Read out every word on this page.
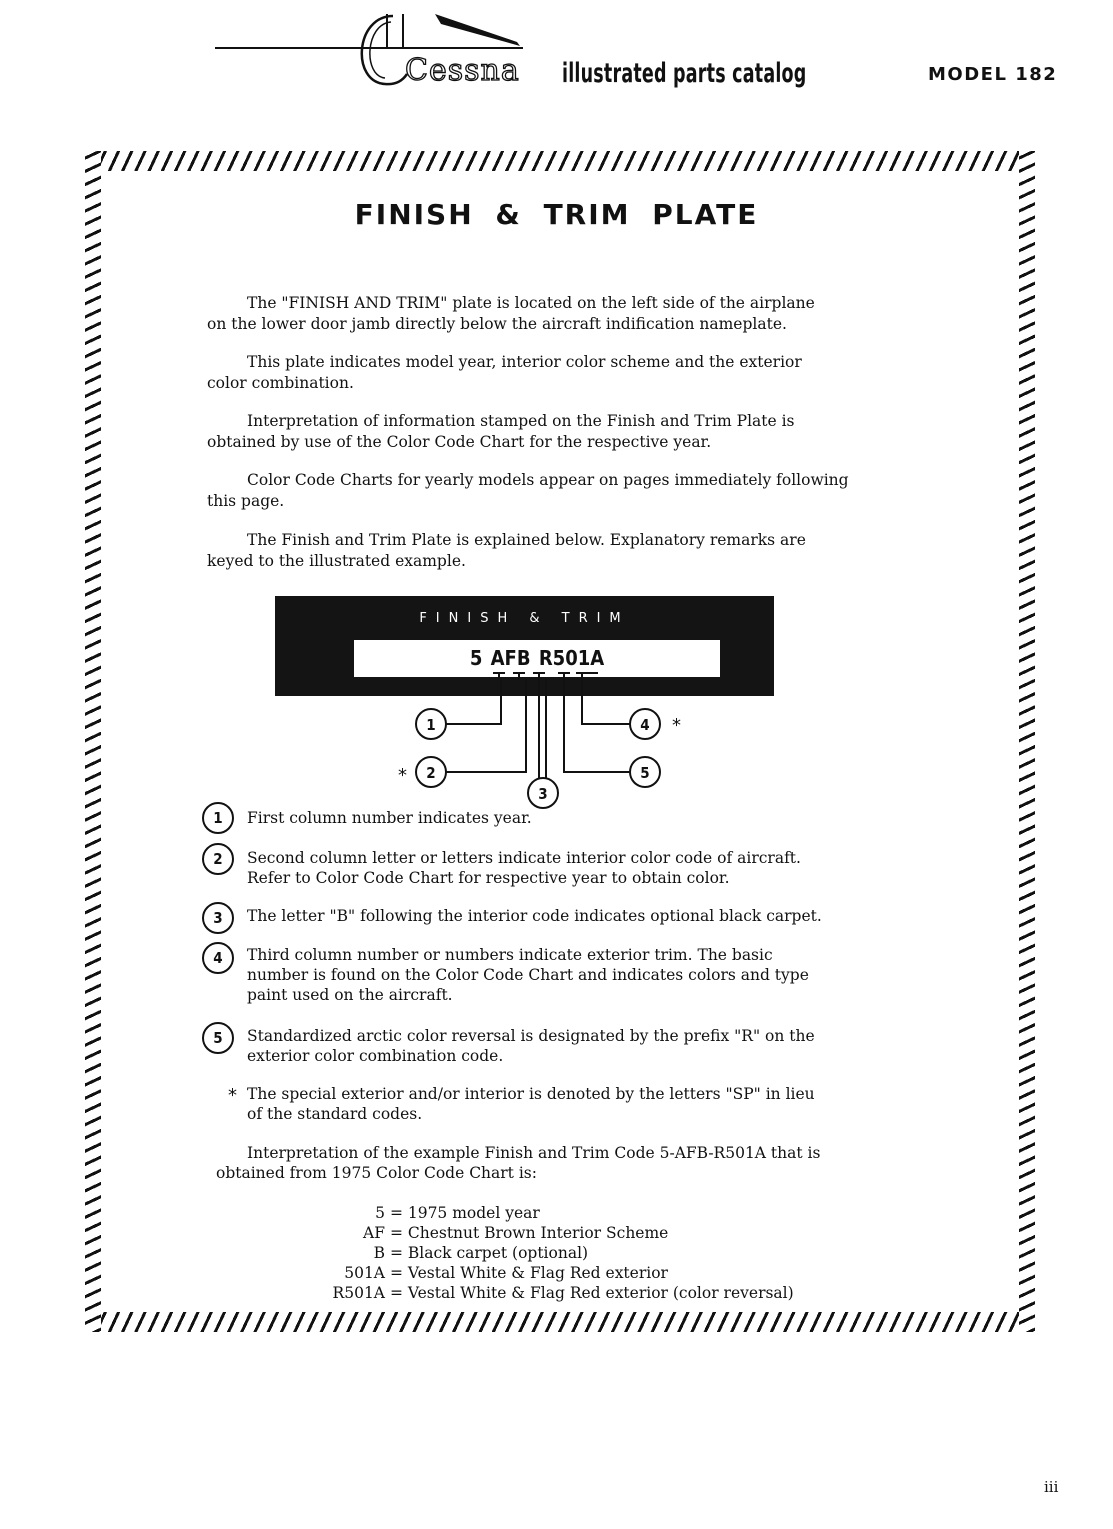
Cessna illustrated parts catalog	MODEL 182
FINISH & TRIM PLATE
The "FINISH AND TRIM" plate is located on the left side of the airplane
on the lower door jamb directly below the aircraft indification nameplate.
This plate indicates model year, interior color scheme and the exterior
color combination.
Interpretation of information stamped on the Finish and Trim Plate is
obtained by use of the Color Code Chart for the respective year.
Color Code Charts for yearly models appear on pages immediately following
this page.
The Finish and Trim Plate is explained below. Explanatory remarks are
keyed to the illustrated example.
FINISH & TRIM
5 AFB R501A
1
2
3
4
5
*
*
1	First column number indicates year.
2	Second column letter or letters indicate interior color code of aircraft.
Refer to Color Code Chart for respective year to obtain color.
3	The letter "B" following the interior code indicates optional black carpet.
4	Third column number or numbers indicate exterior trim. The basic
number is found on the Color Code Chart and indicates colors and type
paint used on the aircraft.
5	Standardized arctic color reversal is designated by the prefix "R" on the
exterior color combination code.
* The special exterior and/or interior is denoted by the letters "SP" in lieu
of the standard codes.
Interpretation of the example Finish and Trim Code 5-AFB-R501A that is
obtained from 1975 Color Code Chart is:
5 = 1975 model year
AF = Chestnut Brown Interior Scheme
B = Black carpet (optional)
501A = Vestal White & Flag Red exterior
R501A = Vestal White & Flag Red exterior (color reversal)
iii
